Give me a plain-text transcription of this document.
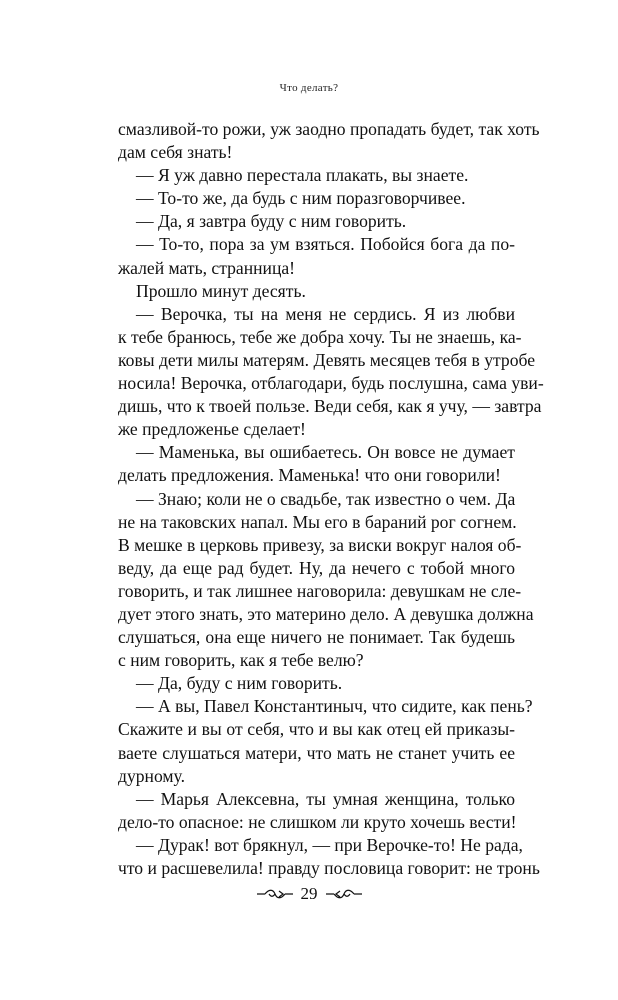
Что делать?
смазливой-то рожи, уж заодно пропадать будет, так хоть
дам себя знать!
— Я уж давно перестала плакать, вы знаете.
— То-то же, да будь с ним поразговорчивее.
— Да, я завтра буду с ним говорить.
— То-то, пора за ум взяться. Побойся бога да по-
жалей мать, странница!
Прошло минут десять.
— Верочка, ты на меня не сердись. Я из любви
к тебе бранюсь, тебе же добра хочу. Ты не знаешь, ка-
ковы дети милы матерям. Девять месяцев тебя в утробе
носила! Верочка, отблагодари, будь послушна, сама уви-
дишь, что к твоей пользе. Веди себя, как я учу, — завтра
же предложенье сделает!
— Маменька, вы ошибаетесь. Он вовсе не думает
делать предложения. Маменька! что они говорили!
— Знаю; коли не о свадьбе, так известно о чем. Да
не на таковских напал. Мы его в бараний рог согнем.
В мешке в церковь привезу, за виски вокруг налоя об-
веду, да еще рад будет. Ну, да нечего с тобой много
говорить, и так лишнее наговорила: девушкам не сле-
дует этого знать, это материно дело. А девушка должна
слушаться, она еще ничего не понимает. Так будешь
с ним говорить, как я тебе велю?
— Да, буду с ним говорить.
— А вы, Павел Константиныч, что сидите, как пень?
Скажите и вы от себя, что и вы как отец ей приказы-
ваете слушаться матери, что мать не станет учить ее
дурному.
— Марья Алексевна, ты умная женщина, только
дело-то опасное: не слишком ли круто хочешь вести!
— Дурак! вот брякнул, — при Верочке-то! Не рада,
что и расшевелила! правду пословица говорит: не тронь
29
